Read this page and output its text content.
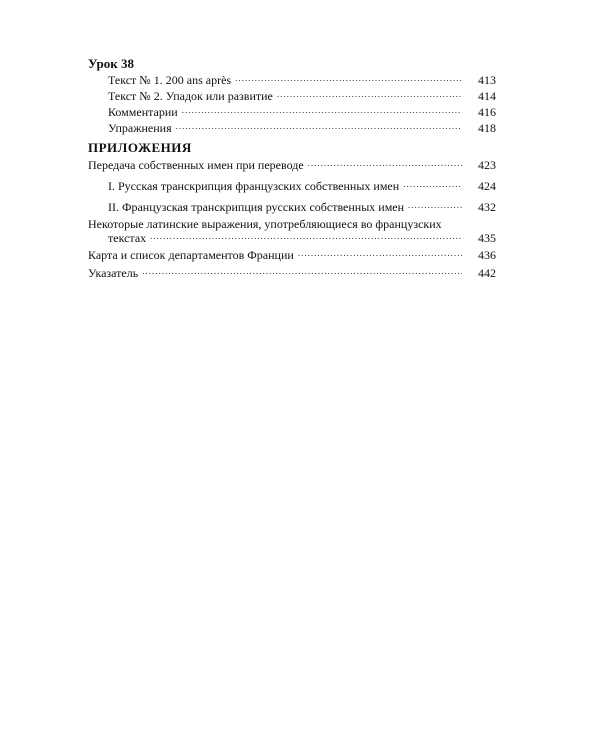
Урок 38
Текст № 1. 200 ans après .....	413
Текст № 2. Упадок или развитие .....	414
Комментарии .....	416
Упражнения .....	418
ПРИЛОЖЕНИЯ
Передача собственных имен при переводе .....	423
I. Русская транскрипция французских собственных имен .....	424
II. Французская транскрипция русских собственных имен .....	432
Некоторые латинские выражения, употребляющиеся во французских
текстах .....	435
Карта и список департаментов Франции .....	436
Указатель .....	442
